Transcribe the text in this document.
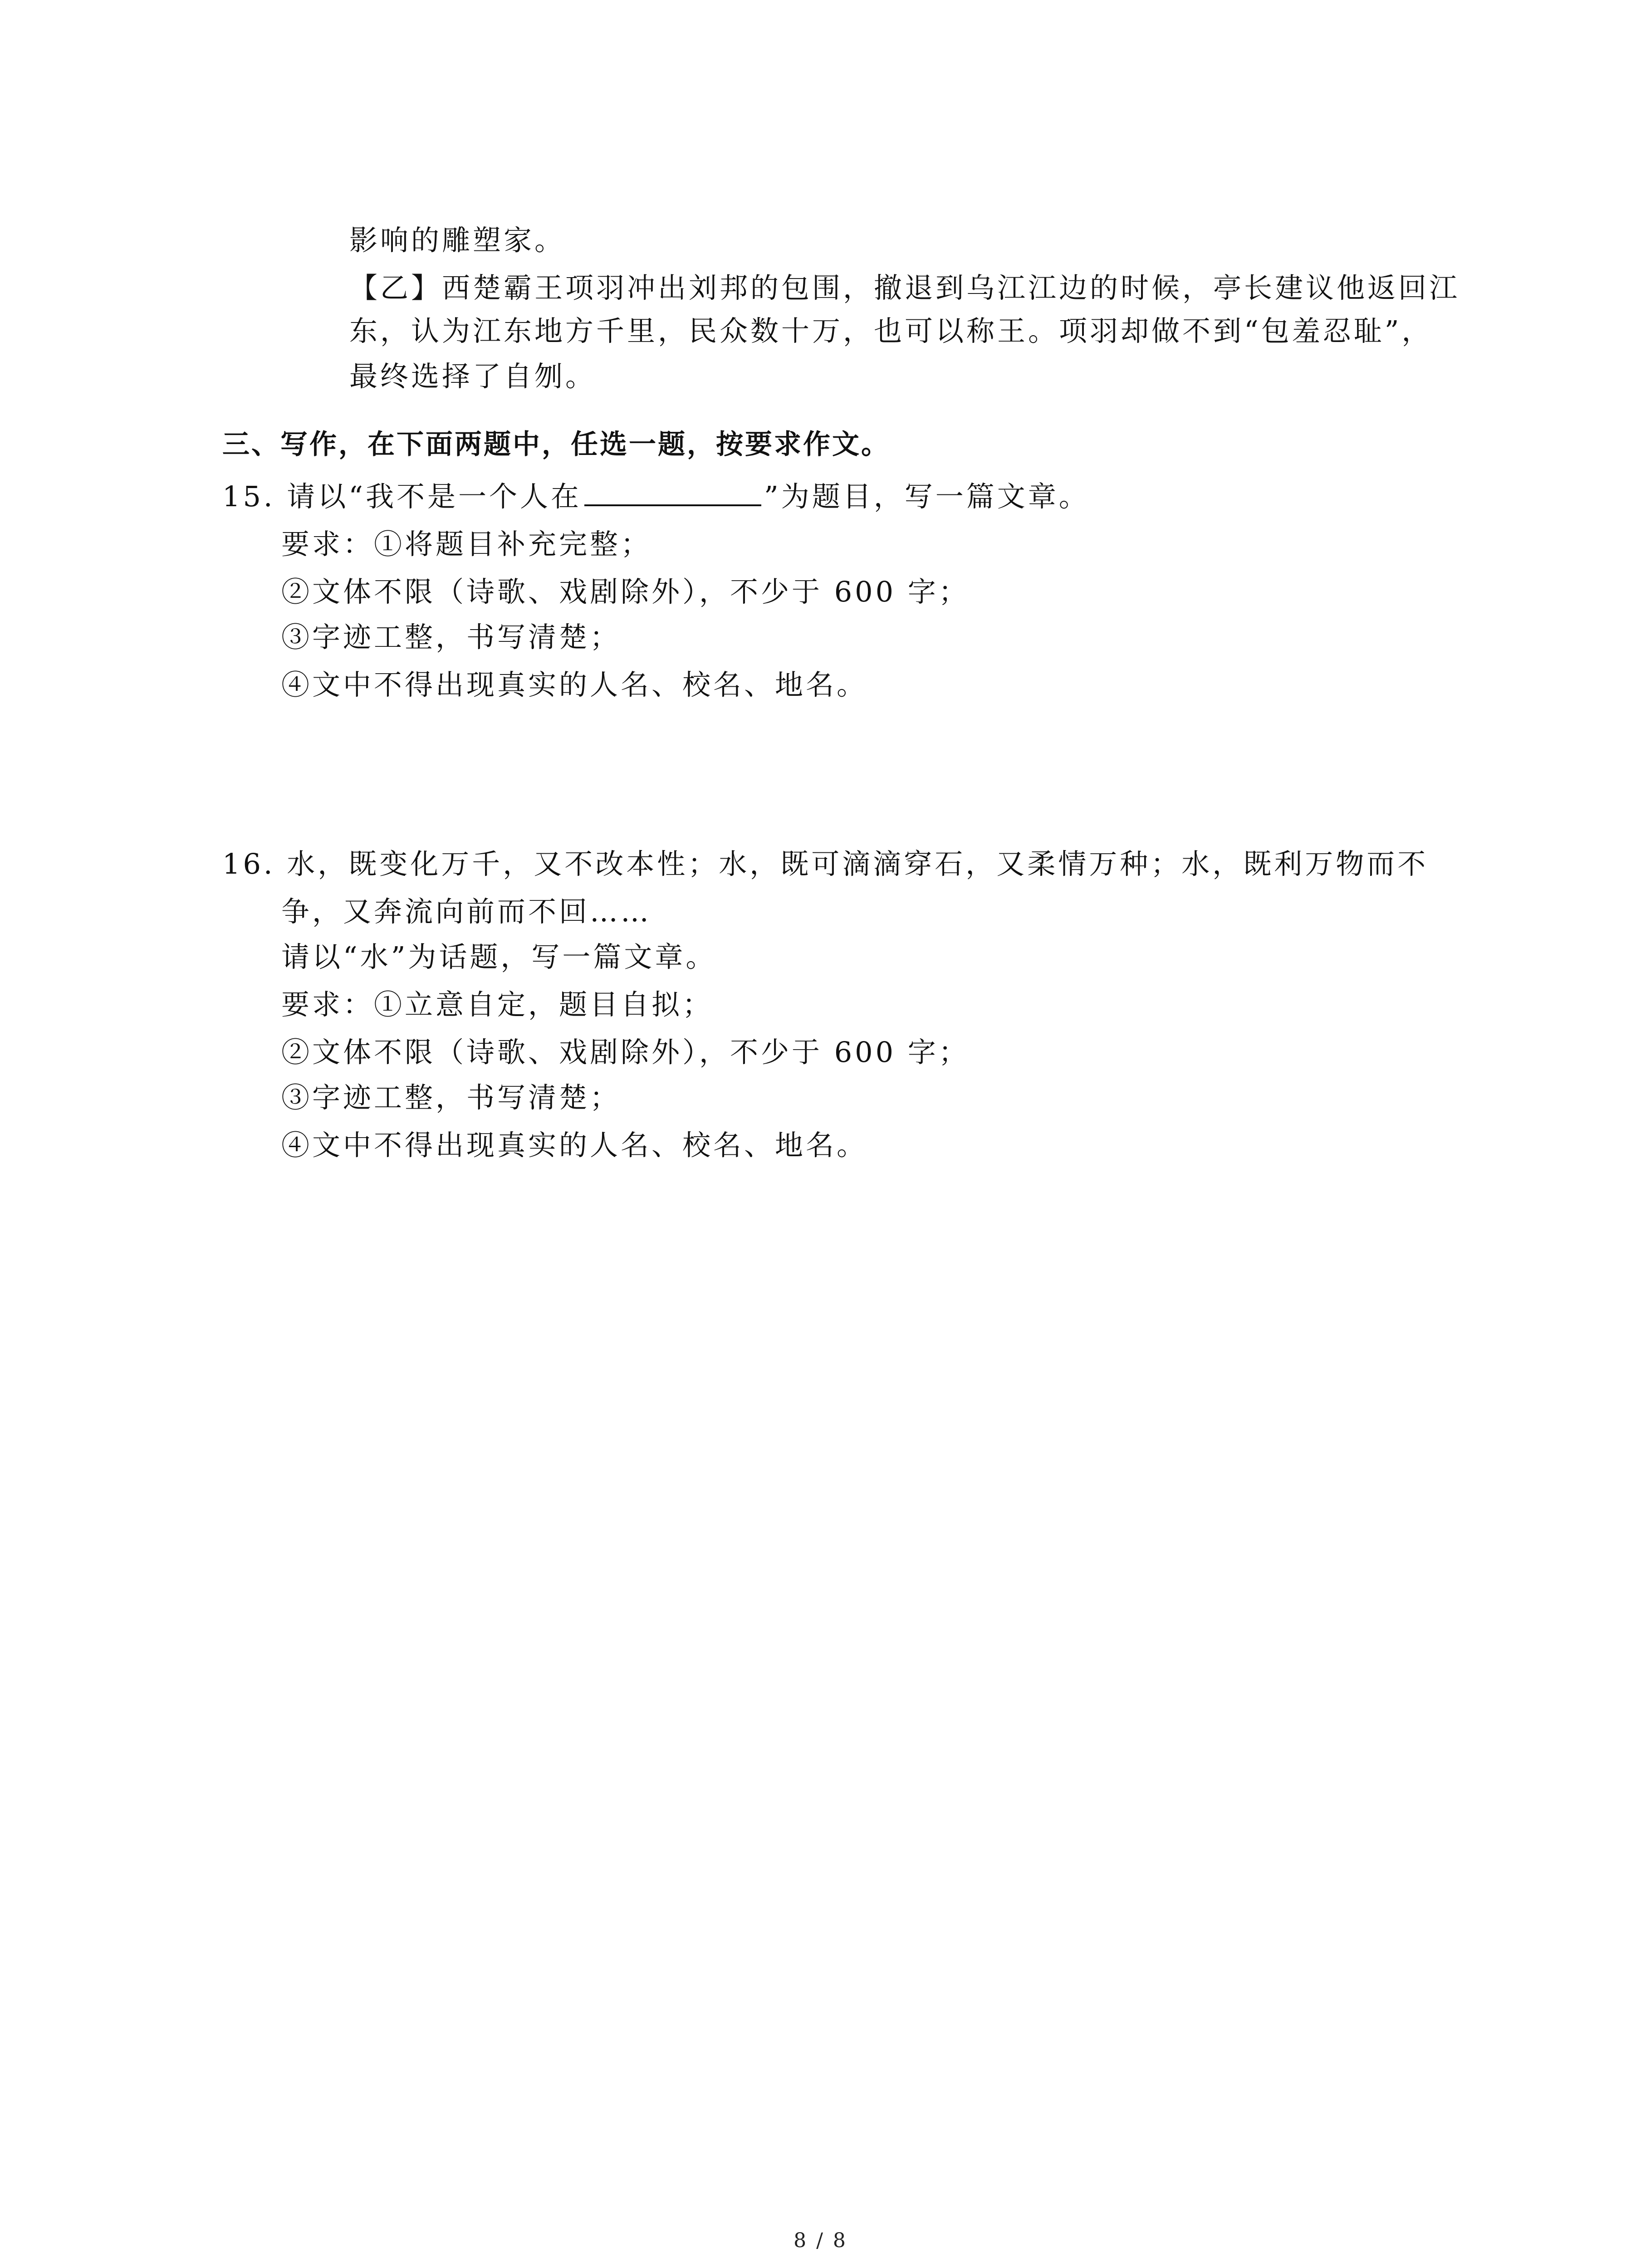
影响的雕塑家。
【乙】西楚霸王项羽冲出刘邦的包围，撤退到乌江江边的时候，亭长建议他返回江
东，认为江东地方千里，民众数十万，也可以称王。项羽却做不到“包羞忍耻”，
最终选择了自刎。
三、写作，在下面两题中，任选一题，按要求作文。
15. 请以“我不是一个人在	”为题目，写一篇文章。
要求：①将题目补充完整；
②文体不限（诗歌、戏剧除外），不少于 600 字；
③字迹工整，书写清楚；
④文中不得出现真实的人名、校名、地名。
16. 水，既变化万千，又不改本性；水，既可滴滴穿石，又柔情万种；水，既利万物而不
争，又奔流向前而不回……
请以“水”为话题，写一篇文章。
要求：①立意自定，题目自拟；
②文体不限（诗歌、戏剧除外），不少于 600 字；
③字迹工整，书写清楚；
④文中不得出现真实的人名、校名、地名。
8 / 8
